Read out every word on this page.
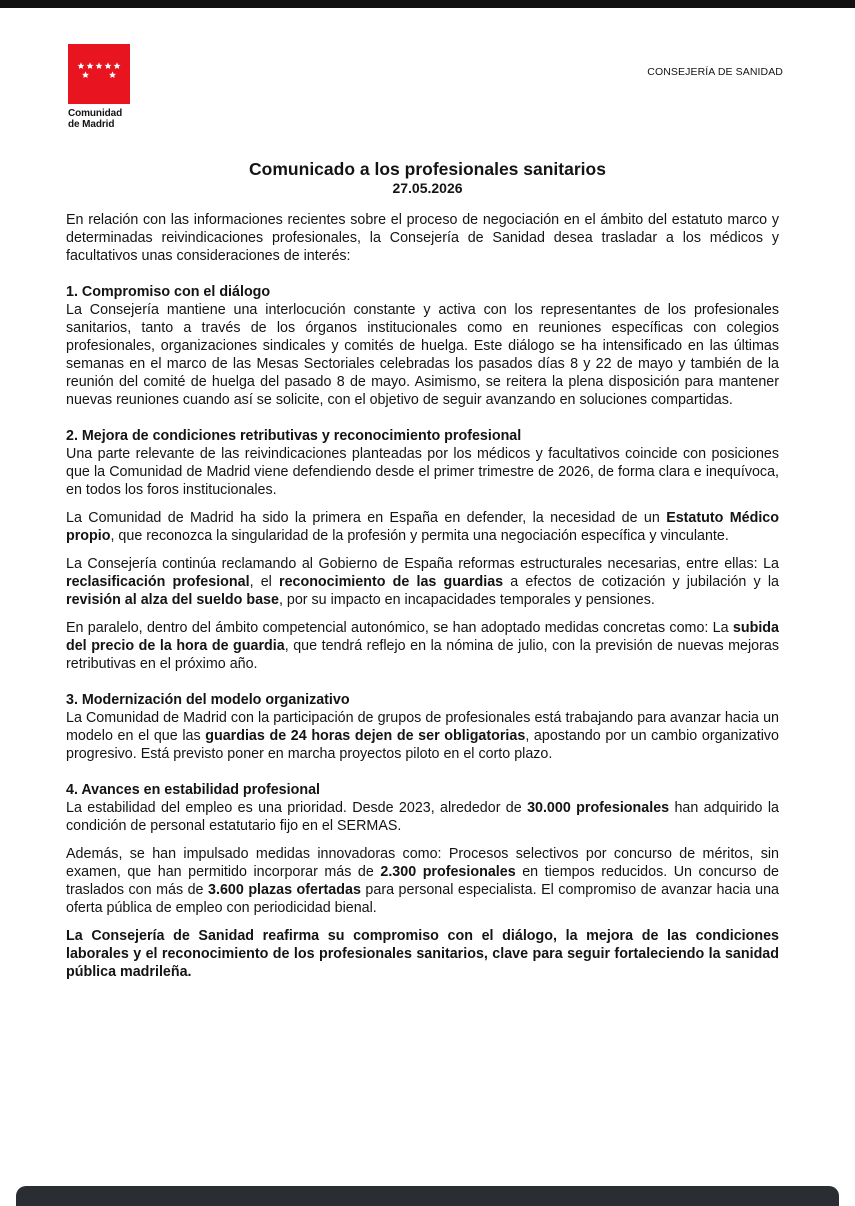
Comunidad
de Madrid
CONSEJERÍA DE SANIDAD
Comunicado a los profesionales sanitarios
27.05.2026

En relación con las informaciones recientes sobre el proceso de negociación en el ámbito del estatuto marco y determinadas reivindicaciones profesionales, la Consejería de Sanidad desea trasladar a los médicos y facultativos unas consideraciones de interés:

1. Compromiso con el diálogo

La Consejería mantiene una interlocución constante y activa con los representantes de los profesionales sanitarios, tanto a través de los órganos institucionales como en reuniones específicas con colegios profesionales, organizaciones sindicales y comités de huelga. Este diálogo se ha intensificado en las últimas semanas en el marco de las Mesas Sectoriales celebradas los pasados días 8 y 22 de mayo y también de la reunión del comité de huelga del pasado 8 de mayo. Asimismo, se reitera la plena disposición para mantener nuevas reuniones cuando así se solicite, con el objetivo de seguir avanzando en soluciones compartidas.

2. Mejora de condiciones retributivas y reconocimiento profesional

Una parte relevante de las reivindicaciones planteadas por los médicos y facultativos coincide con posiciones que la Comunidad de Madrid viene defendiendo desde el primer trimestre de 2026, de forma clara e inequívoca, en todos los foros institucionales.

La Comunidad de Madrid ha sido la primera en España en defender, la necesidad de un Estatuto Médico propio, que reconozca la singularidad de la profesión y permita una negociación específica y vinculante.

La Consejería continúa reclamando al Gobierno de España reformas estructurales necesarias, entre ellas: La reclasificación profesional, el reconocimiento de las guardias a efectos de cotización y jubilación y la revisión al alza del sueldo base, por su impacto en incapacidades temporales y pensiones.

En paralelo, dentro del ámbito competencial autonómico, se han adoptado medidas concretas como: La subida del precio de la hora de guardia, que tendrá reflejo en la nómina de julio, con la previsión de nuevas mejoras retributivas en el próximo año.

3. Modernización del modelo organizativo

La Comunidad de Madrid con la participación de grupos de profesionales está trabajando para avanzar hacia un modelo en el que las guardias de 24 horas dejen de ser obligatorias, apostando por un cambio organizativo progresivo. Está previsto poner en marcha proyectos piloto en el corto plazo.

4. Avances en estabilidad profesional

La estabilidad del empleo es una prioridad. Desde 2023, alrededor de 30.000 profesionales han adquirido la condición de personal estatutario fijo en el SERMAS.

Además, se han impulsado medidas innovadoras como: Procesos selectivos por concurso de méritos, sin examen, que han permitido incorporar más de 2.300 profesionales en tiempos reducidos. Un concurso de traslados con más de 3.600 plazas ofertadas para personal especialista. El compromiso de avanzar hacia una oferta pública de empleo con periodicidad bienal.

La Consejería de Sanidad reafirma su compromiso con el diálogo, la mejora de las condiciones laborales y el reconocimiento de los profesionales sanitarios, clave para seguir fortaleciendo la sanidad pública madrileña.
